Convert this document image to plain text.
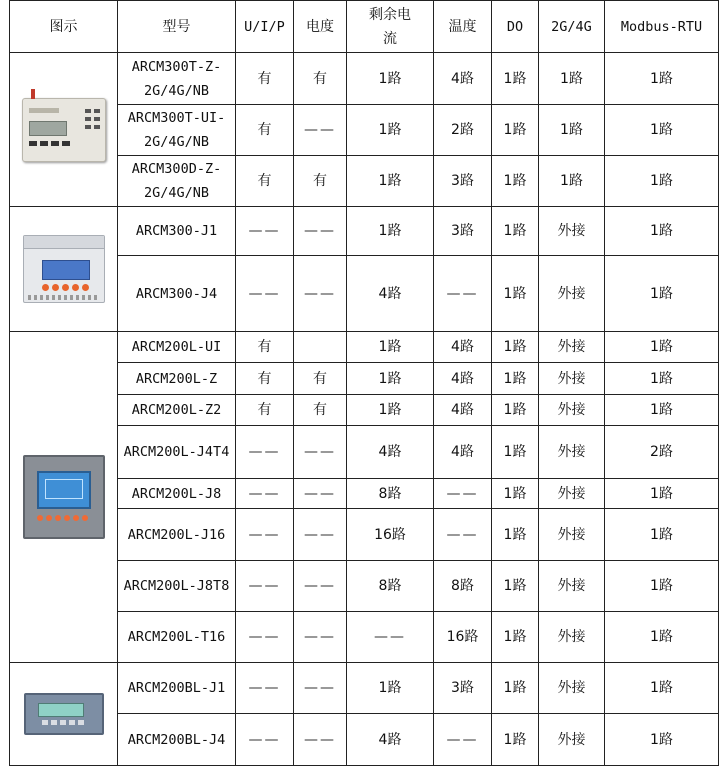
图示	型号	U/I/P	电度	剩余电流	温度	DO	2G/4G	Modbus-RTU

	ARCM300T-Z-2G/4G/NB	有	有	1路	4路	1路	1路	1路
	ARCM300T-UI-2G/4G/NB	有	——	1路	2路	1路	1路	1路
	ARCM300D-Z-2G/4G/NB	有	有	1路	3路	1路	1路	1路

	ARCM300-J1	——	——	1路	3路	1路	外接	1路
	ARCM300-J4	——	——	4路	——	1路	外接	1路

	ARCM200L-UI	有		1路	4路	1路	外接	1路
	ARCM200L-Z	有	有	1路	4路	1路	外接	1路
	ARCM200L-Z2	有	有	1路	4路	1路	外接	1路
	ARCM200L-J4T4	——	——	4路	4路	1路	外接	2路
	ARCM200L-J8	——	——	8路	——	1路	外接	1路
	ARCM200L-J16	——	——	16路	——	1路	外接	1路
	ARCM200L-J8T8	——	——	8路	8路	1路	外接	1路
	ARCM200L-T16	——	——	——	16路	1路	外接	1路

	ARCM200BL-J1	——	——	1路	3路	1路	外接	1路
	ARCM200BL-J4	——	——	4路	——	1路	外接	1路
